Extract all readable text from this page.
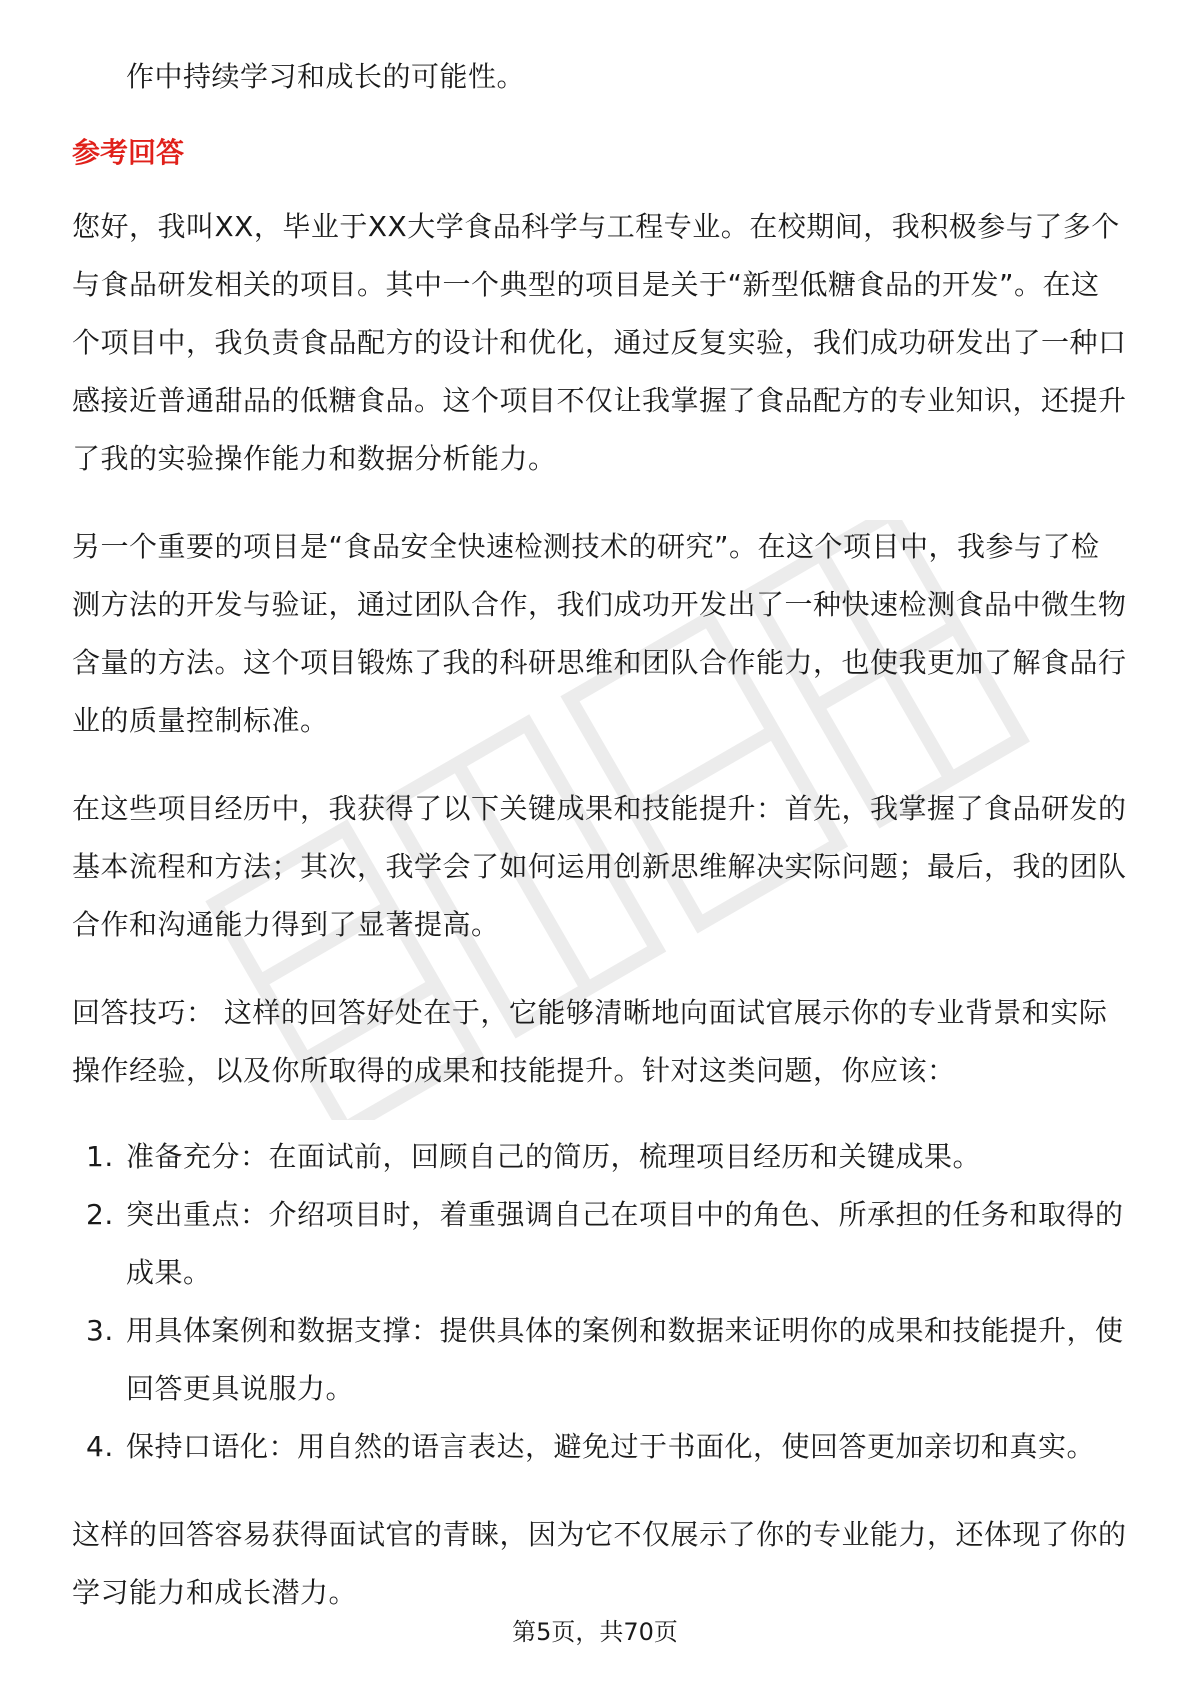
作中持续学习和成长的可能性。

参考回答

您好，我叫XX，毕业于XX大学食品科学与工程专业。在校期间，我积极参与了多个与食品研发相关的项目。其中一个典型的项目是关于“新型低糖食品的开发”。在这个项目中，我负责食品配方的设计和优化，通过反复实验，我们成功研发出了一种口感接近普通甜品的低糖食品。这个项目不仅让我掌握了食品配方的专业知识，还提升了我的实验操作能力和数据分析能力。

另一个重要的项目是“食品安全快速检测技术的研究”。在这个项目中，我参与了检测方法的开发与验证，通过团队合作，我们成功开发出了一种快速检测食品中微生物含量的方法。这个项目锻炼了我的科研思维和团队合作能力，也使我更加了解食品行业的质量控制标准。

在这些项目经历中，我获得了以下关键成果和技能提升：首先，我掌握了食品研发的基本流程和方法；其次，我学会了如何运用创新思维解决实际问题；最后，我的团队合作和沟通能力得到了显著提高。

回答技巧： 这样的回答好处在于，它能够清晰地向面试官展示你的专业背景和实际操作经验，以及你所取得的成果和技能提升。针对这类问题，你应该：

1. 准备充分：在面试前，回顾自己的简历，梳理项目经历和关键成果。
2. 突出重点：介绍项目时，着重强调自己在项目中的角色、所承担的任务和取得的成果。
3. 用具体案例和数据支撑：提供具体的案例和数据来证明你的成果和技能提升，使回答更具说服力。
4. 保持口语化：用自然的语言表达，避免过于书面化，使回答更加亲切和真实。

这样的回答容易获得面试官的青睐，因为它不仅展示了你的专业能力，还体现了你的学习能力和成长潜力。

第5页，共70页
